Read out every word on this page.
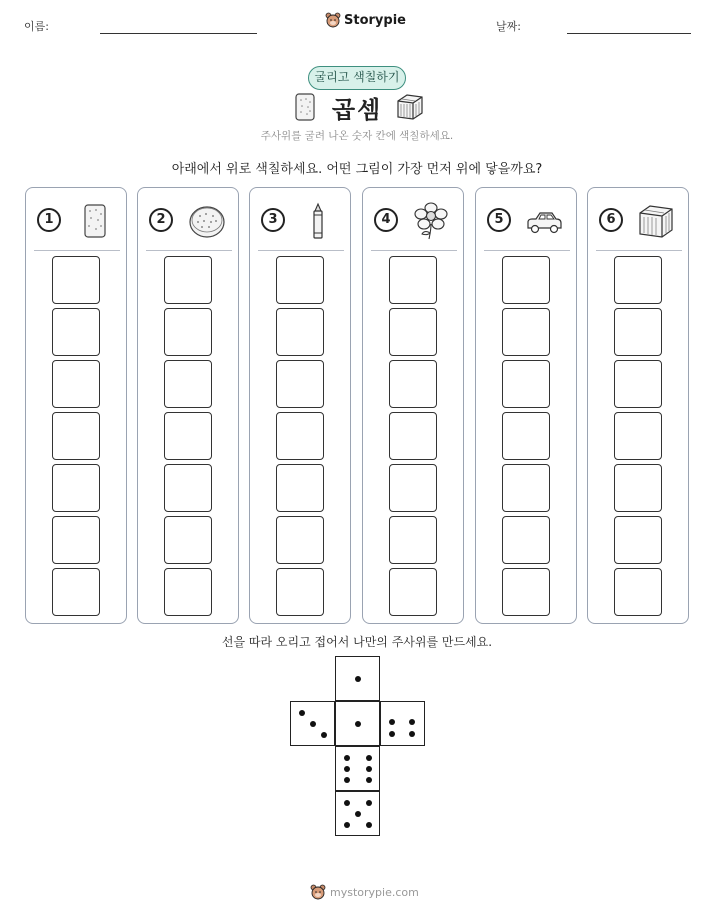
이름:	Storypie	날짜:
굴리고 색칠하기
곱셈
주사위를 굴려 나온 숫자 칸에 색칠하세요.
아래에서 위로 색칠하세요. 어떤 그림이 가장 먼저 위에 닿을까요?
1	2	3	4	5	6
선을 따라 오리고 접어서 나만의 주사위를 만드세요.
mystorypie.com
